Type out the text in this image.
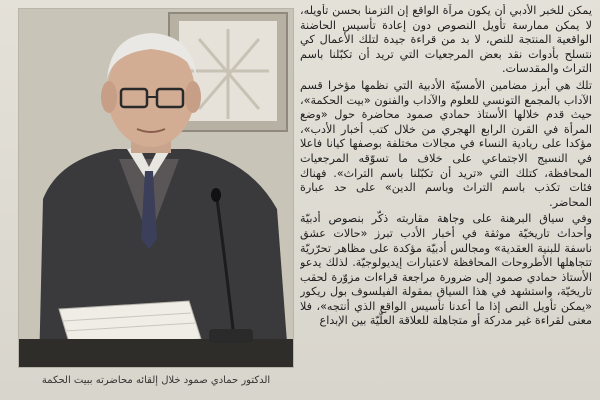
الدكتور حمادي صمود خلال إلقائه محاضرته ببيت الحكمة

يمكن للخبر الأدبي أن يكون مرآة الواقع إن التزمنا بحسن تأويله، لا يمكن ممارسة تأويل النصوص دون إعادة تأسيس الحاضنة الواقعية المنتجة للنص، لا بد من قراءة جيدة لتلك الأعمال كي نتسلح بأدوات نقد بعض المرجعيات التي تريد أن تكبّلنا باسم التراث والمقدسات.

تلك هي أبرز مضامين الأمسيّة الأدبية التي نظمها مؤخرا قسم الآداب بالمجمع التونسي للعلوم والآداب والفنون «بيت الحكمة»، حيث قدم خلالها الأستاذ حمادي صمود محاضرة حول «وضع المرأة في القرن الرابع الهجري من خلال كتب أخبار الأدب»، مؤكدا على ريادية النساء في مجالات مختلفة بوصفها كيانا فاعلا في النسيج الاجتماعي على خلاف ما تسوّقه المرجعيات المحافظة، كتلك التي «تريد أن تكبّلنا باسم التراث». فهناك فئات تكذب باسم التراث وباسم الدين» على حد عبارة المحاضر.

وفي سياق البرهنة على وجاهة مقاربته ذكّر بنصوص أدبيّة وأحداث تاريخيّة موثقة في أخبار الأدب تبرز «حالات عشق ناسفة للبنية العقدية» ومجالس أدبيّة مؤكدة على مظاهر تحرّريّة تتجاهلها الأطروحات المحافظة لاعتبارات إيديولوجيّة. لذلك يدعو الأستاذ حمادي صمود إلى ضرورة مراجعة قراءات مزوّرة لحقب تاريخيّة، واستشهد في هذا السياق بمقولة الفيلسوف بول ريكور «يمكن تأويل النص إذا ما أعدنا تأسيس الواقع الذي أنتجه»، فلا معنى لقراءة غير مدركة أو متجاهلة للعلاقة العلّيّة بين الإبداع
